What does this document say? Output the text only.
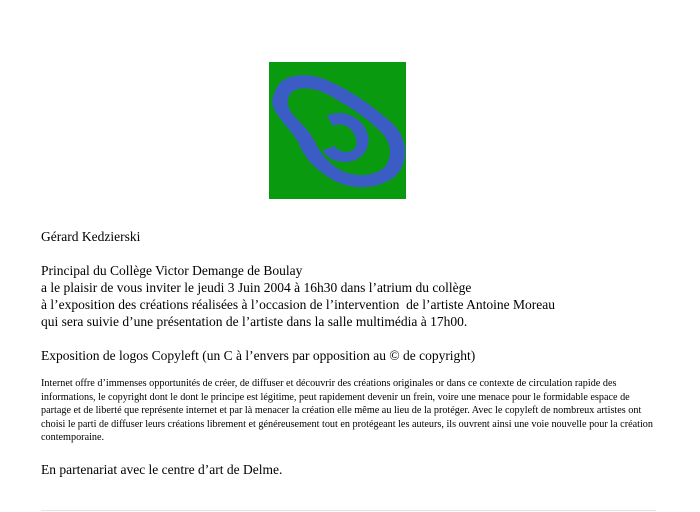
Gérard Kedzierski

Principal du Collège Victor Demange de Boulay

a le plaisir de vous inviter le jeudi 3 Juin 2004 à 16h30 dans l’atrium du collège

à l’exposition des créations réalisées à l’occasion de l’intervention  de l’artiste Antoine Moreau

qui sera suivie d’une présentation de l’artiste dans la salle multimédia à 17h00.

Exposition de logos Copyleft (un C à l’envers par opposition au © de copyright)

Internet offre d’immenses opportunités de créer, de diffuser et découvrir des créations originales or dans ce contexte de circulation rapide des informations, le copyright dont le dont le principe est légitime, peut rapidement devenir un frein, voire une menace pour le formidable espace de partage et de liberté que représente internet et par là menacer la création elle même au lieu de la protéger. Avec le copyleft de nombreux artistes ont choisi le parti de diffuser leurs créations librement et généreusement tout en protégeant les auteurs, ils ouvrent ainsi une voie nouvelle pour la création contemporaine.

En partenariat avec le centre d’art de Delme.
